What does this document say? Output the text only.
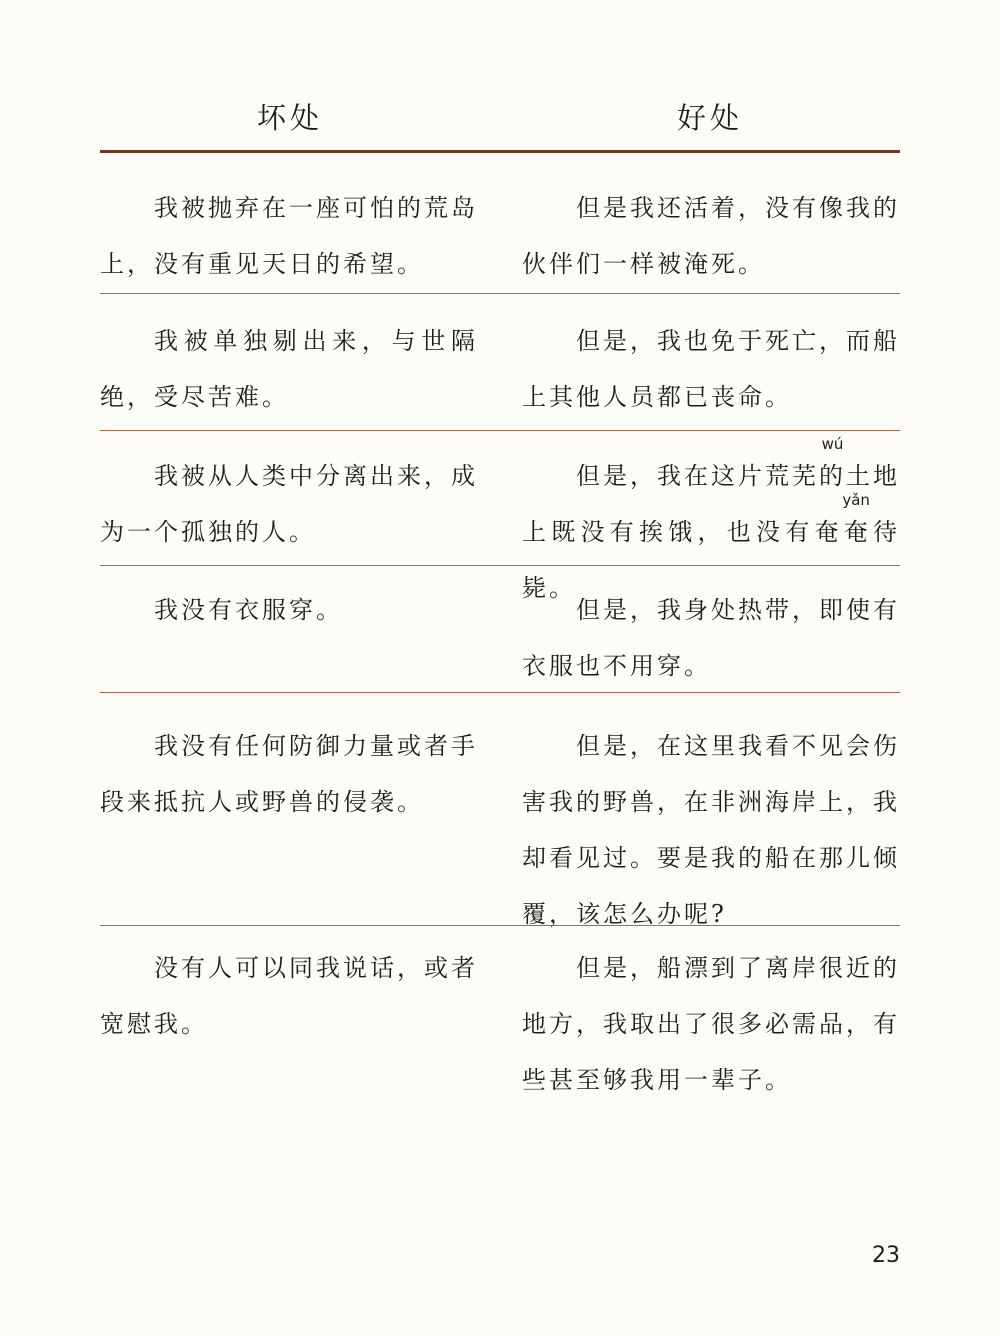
坏处	好处
我被抛弃在一座可怕的荒岛上，没有重见天日的希望。
但是我还活着，没有像我的伙伴们一样被淹死。
我被单独剔出来，与世隔绝，受尽苦难。
但是，我也免于死亡，而船上其他人员都已丧命。
我被从人类中分离出来，成为一个孤独的人。
但是，我在这片荒芜
wú
的土地上既没有挨饿，也没有奄
yǎn
奄待毙。
我没有衣服穿。	但是，我身处热带，即使有衣服也不用穿。
我没有任何防御力量或者手段来抵抗人或野兽的侵袭。
但是，在这里我看不见会伤害我的野兽，在非洲海岸上，我却看见过。要是我的船在那儿倾覆，该怎么办呢?
没有人可以同我说话，或者宽慰我。
但是，船漂到了离岸很近的地方，我取出了很多必需品，有些甚至够我用一辈子。
23
